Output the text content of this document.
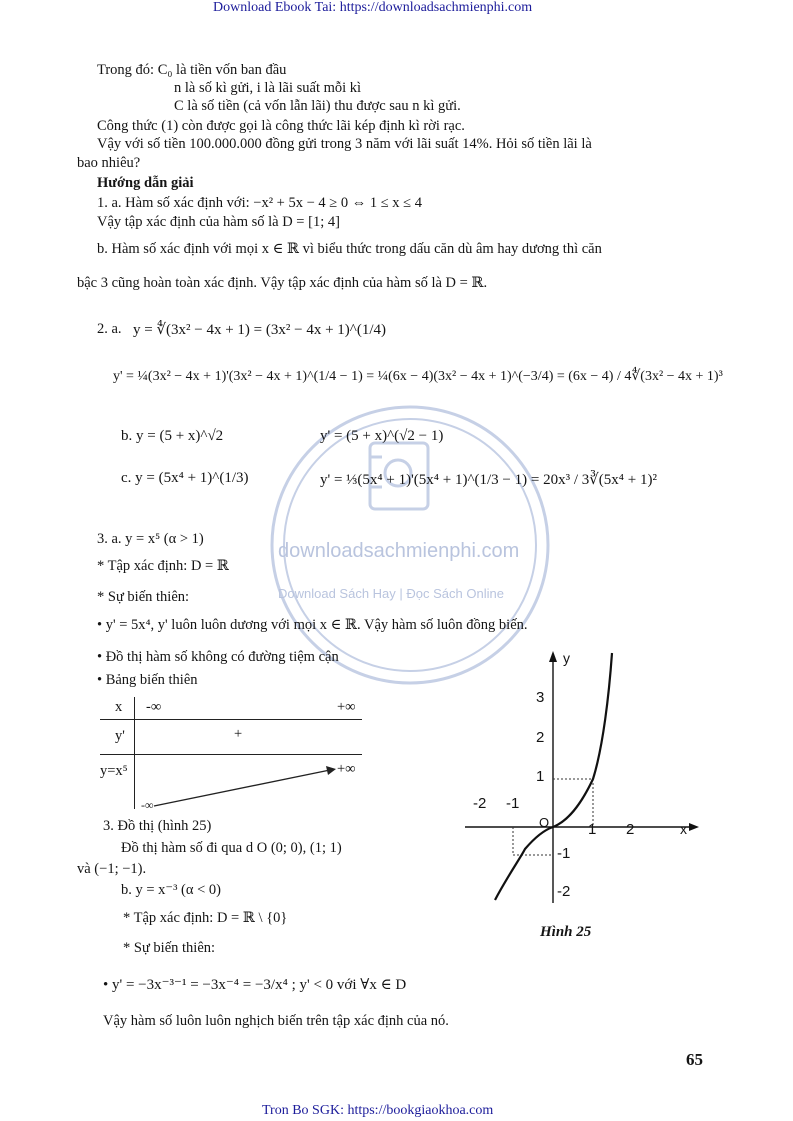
Download Ebook Tai: https://downloadsachmienphi.com
Tron Bo SGK: https://bookgiaokhoa.com
65
downloadsachmienphi.com
Download Sách Hay | Đọc Sách Online
Trong đó: C₀ là tiền vốn ban đầu
n là số kì gửi, i là lãi suất mỗi kì
C là số tiền (cả vốn lẫn lãi) thu được sau n kì gửi.
Công thức (1) còn được gọi là công thức lãi kép định kì rời rạc.
Vậy với số tiền 100.000.000 đồng gửi trong 3 năm với lãi suất 14%. Hỏi số tiền lãi là
bao nhiêu?
Hướng dẫn giải
1. a. Hàm số xác định với: −x² + 5x − 4 ≥ 0 ⇔ 1 ≤ x ≤ 4
Vậy tập xác định của hàm số là D = [1; 4]
b. Hàm số xác định với mọi x ∈ ℝ vì biểu thức trong dấu căn dù âm hay dương thì căn
bậc 3 cũng hoàn toàn xác định. Vậy tập xác định của hàm số là D = ℝ.
2. a. y = ∜(3x² − 4x + 1) = (3x² − 4x + 1)^(1/4)
y' = ¼(3x² − 4x + 1)'(3x² − 4x + 1)^(1/4 − 1) = ¼(6x − 4)(3x² − 4x + 1)^(−3/4) = (6x − 4) / 4∜(3x² − 4x + 1)³
b. y = (5 + x)^√2	y' = (5 + x)^(√2 − 1)
c. y = (5x⁴ + 1)^(1/3)	y' = ⅓(5x⁴ + 1)'(5x⁴ + 1)^(1/3 − 1) = 20x³ / 3∛(5x⁴ + 1)²
3. a. y = x⁵ (α > 1)
* Tập xác định: D = ℝ
* Sự biến thiên:
• y' = 5x⁴, y' luôn luôn dương với mọi x ∈ ℝ. Vậy hàm số luôn đồng biến.
• Đồ thị hàm số không có đường tiệm cận
• Bảng biến thiên
x -∞	+∞
y'	+
y=x⁵	+∞
-∞
3. Đồ thị (hình 25)
Đồ thị hàm số đi qua d O (0; 0), (1; 1)
và (−1; −1).
b. y = x⁻³ (α < 0)
* Tập xác định: D = ℝ \ {0}
* Sự biến thiên:
• y' = −3x⁻³⁻¹ = −3x⁻⁴ = −3/x⁴ ; y' < 0 với ∀x ∈ D
Vậy hàm số luôn luôn nghịch biến trên tập xác định của nó.
y
x
O
-2 -1
1 2
3
2
1
-1
-2
Hình 25
